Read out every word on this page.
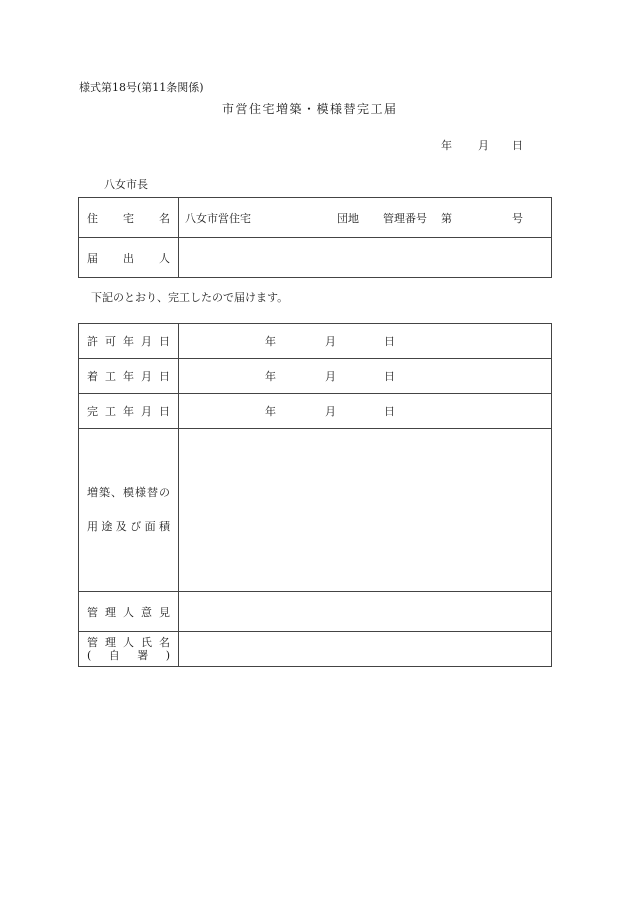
様式第18号(第11条関係)
市営住宅増築・模様替完工届
年 月 日
八女市長
住宅名	八女市営住宅 団地 管理番号 第 号

届出人	
下記のとおり、完工したので届けます。
許可年月日	年 月 日

着工年月日	年 月 日

完工年月日	年 月 日

増築、模様替の
用途及び面積	

管理人意見	

管理人氏名
(自署)	
